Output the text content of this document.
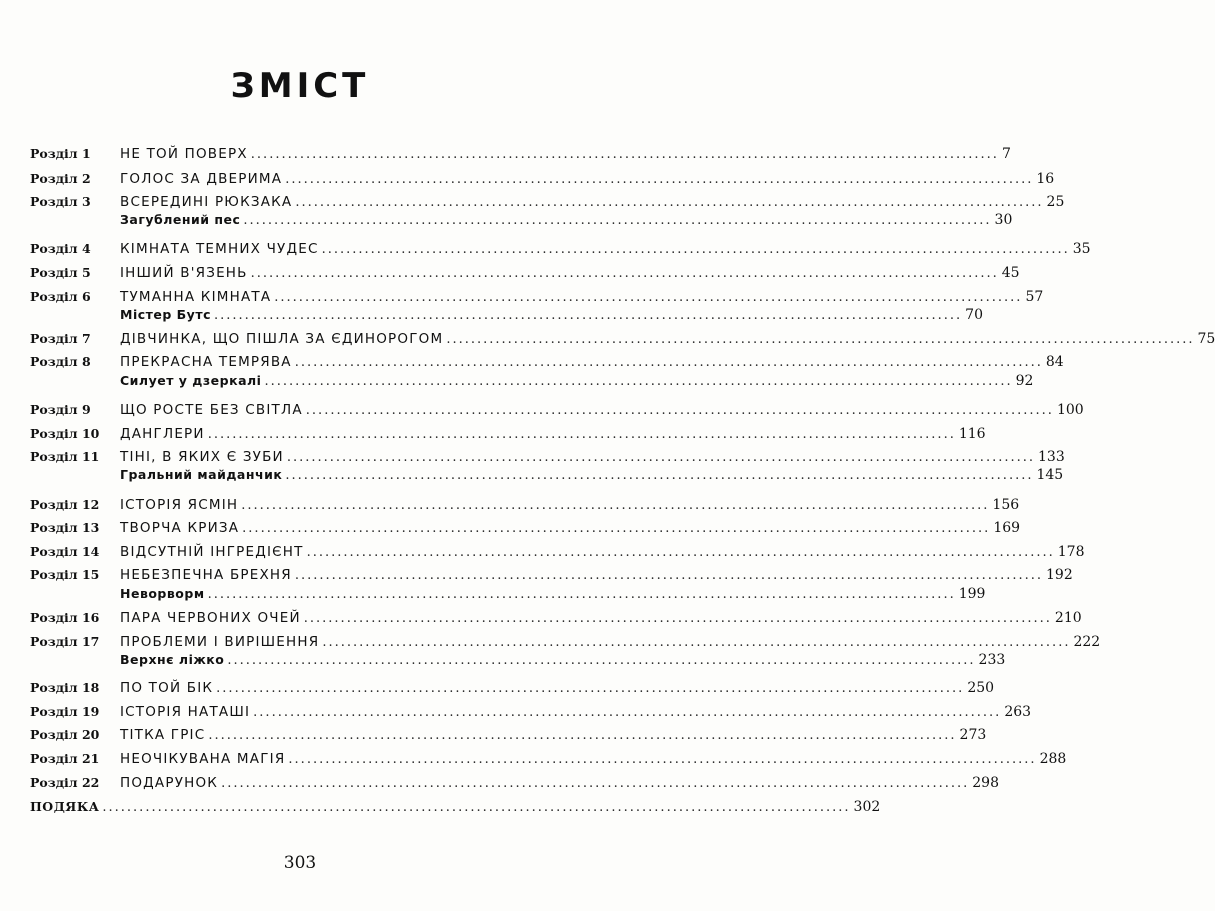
ЗМІСТ
Розділ 1	НЕ ТОЙ ПОВЕРХ .......................................................................................................................... 7
Розділ 2	ГОЛОС ЗА ДВЕРИМА .......................................................................................................................... 16
Розділ 3	ВСЕРЕДИНІ РЮКЗАКА .......................................................................................................................... 25
Загублений пес .......................................................................................................................... 30
Розділ 4	КІМНАТА ТЕМНИХ ЧУДЕС .......................................................................................................................... 35
Розділ 5	ІНШИЙ В'ЯЗЕНЬ .......................................................................................................................... 45
Розділ 6	ТУМАННА КІМНАТА .......................................................................................................................... 57
Містер Бутс .......................................................................................................................... 70
Розділ 7	ДІВЧИНКА, ЩО ПІШЛА ЗА ЄДИНОРОГОМ .......................................................................................................................... 75
Розділ 8	ПРЕКРАСНА ТЕМРЯВА .......................................................................................................................... 84
Силует у дзеркалі .......................................................................................................................... 92
Розділ 9	ЩО РОСТЕ БЕЗ СВІТЛА .......................................................................................................................... 100
Розділ 10	ДАНГЛЕРИ .......................................................................................................................... 116
Розділ 11	ТІНІ, В ЯКИХ Є ЗУБИ .......................................................................................................................... 133
Гральний майданчик .......................................................................................................................... 145
Розділ 12	ІСТОРІЯ ЯСМІН .......................................................................................................................... 156
Розділ 13	ТВОРЧА КРИЗА .......................................................................................................................... 169
Розділ 14	ВІДСУТНІЙ ІНГРЕДІЄНТ .......................................................................................................................... 178
Розділ 15	НЕБЕЗПЕЧНА БРЕХНЯ .......................................................................................................................... 192
Неворворм .......................................................................................................................... 199
Розділ 16	ПАРА ЧЕРВОНИХ ОЧЕЙ .......................................................................................................................... 210
Розділ 17	ПРОБЛЕМИ І ВИРІШЕННЯ .......................................................................................................................... 222
Верхнє ліжко .......................................................................................................................... 233
Розділ 18	ПО ТОЙ БІК .......................................................................................................................... 250
Розділ 19	ІСТОРІЯ НАТАШІ .......................................................................................................................... 263
Розділ 20	ТІТКА ГРІС .......................................................................................................................... 273
Розділ 21	НЕОЧІКУВАНА МАГІЯ .......................................................................................................................... 288
Розділ 22	ПОДАРУНОК .......................................................................................................................... 298
ПОДЯКА .......................................................................................................................... 302
303
